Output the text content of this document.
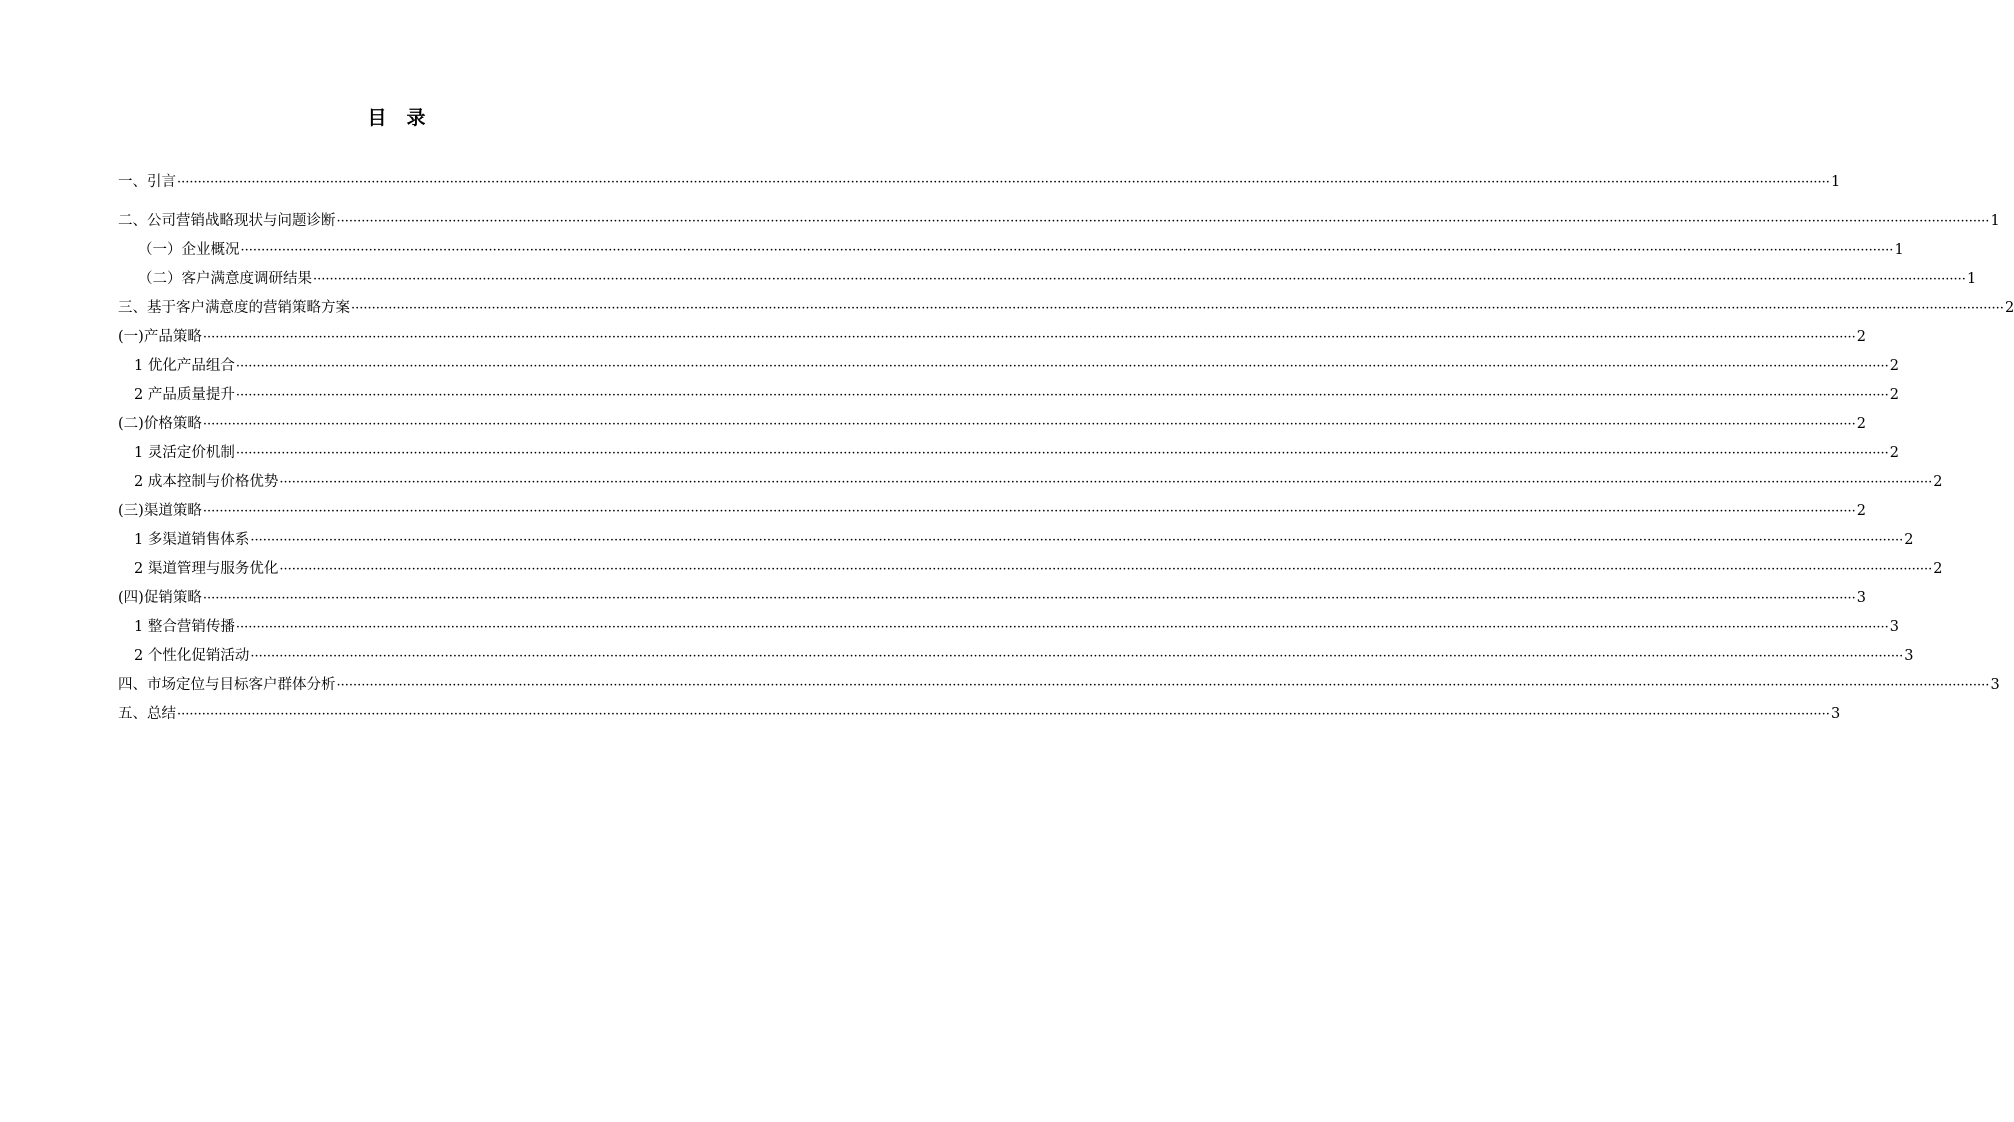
目 录
一、引言 ················································································································································································································································································································································································································ 1
二、公司营销战略现状与问题诊断 ················································································································································································································································································································································································································ 1
（一）企业概况 ················································································································································································································································································································································································································ 1
（二）客户满意度调研结果 ················································································································································································································································································································································································································ 1
三、基于客户满意度的营销策略方案 ················································································································································································································································································································································································································ 2
(一)产品策略 ················································································································································································································································································································································································································ 2
1 优化产品组合 ················································································································································································································································································································································································································ 2
2 产品质量提升 ················································································································································································································································································································································································································ 2
(二)价格策略 ················································································································································································································································································································································································································ 2
1 灵活定价机制 ················································································································································································································································································································································································································ 2
2 成本控制与价格优势 ················································································································································································································································································································································································································ 2
(三)渠道策略 ················································································································································································································································································································································································································ 2
1 多渠道销售体系 ················································································································································································································································································································································································································ 2
2 渠道管理与服务优化 ················································································································································································································································································································································································································ 2
(四)促销策略 ················································································································································································································································································································································································································ 3
1 整合营销传播 ················································································································································································································································································································································································································ 3
2 个性化促销活动 ················································································································································································································································································································································································································ 3
四、市场定位与目标客户群体分析 ················································································································································································································································································································································································································ 3
五、总结 ················································································································································································································································································································································································································ 3
